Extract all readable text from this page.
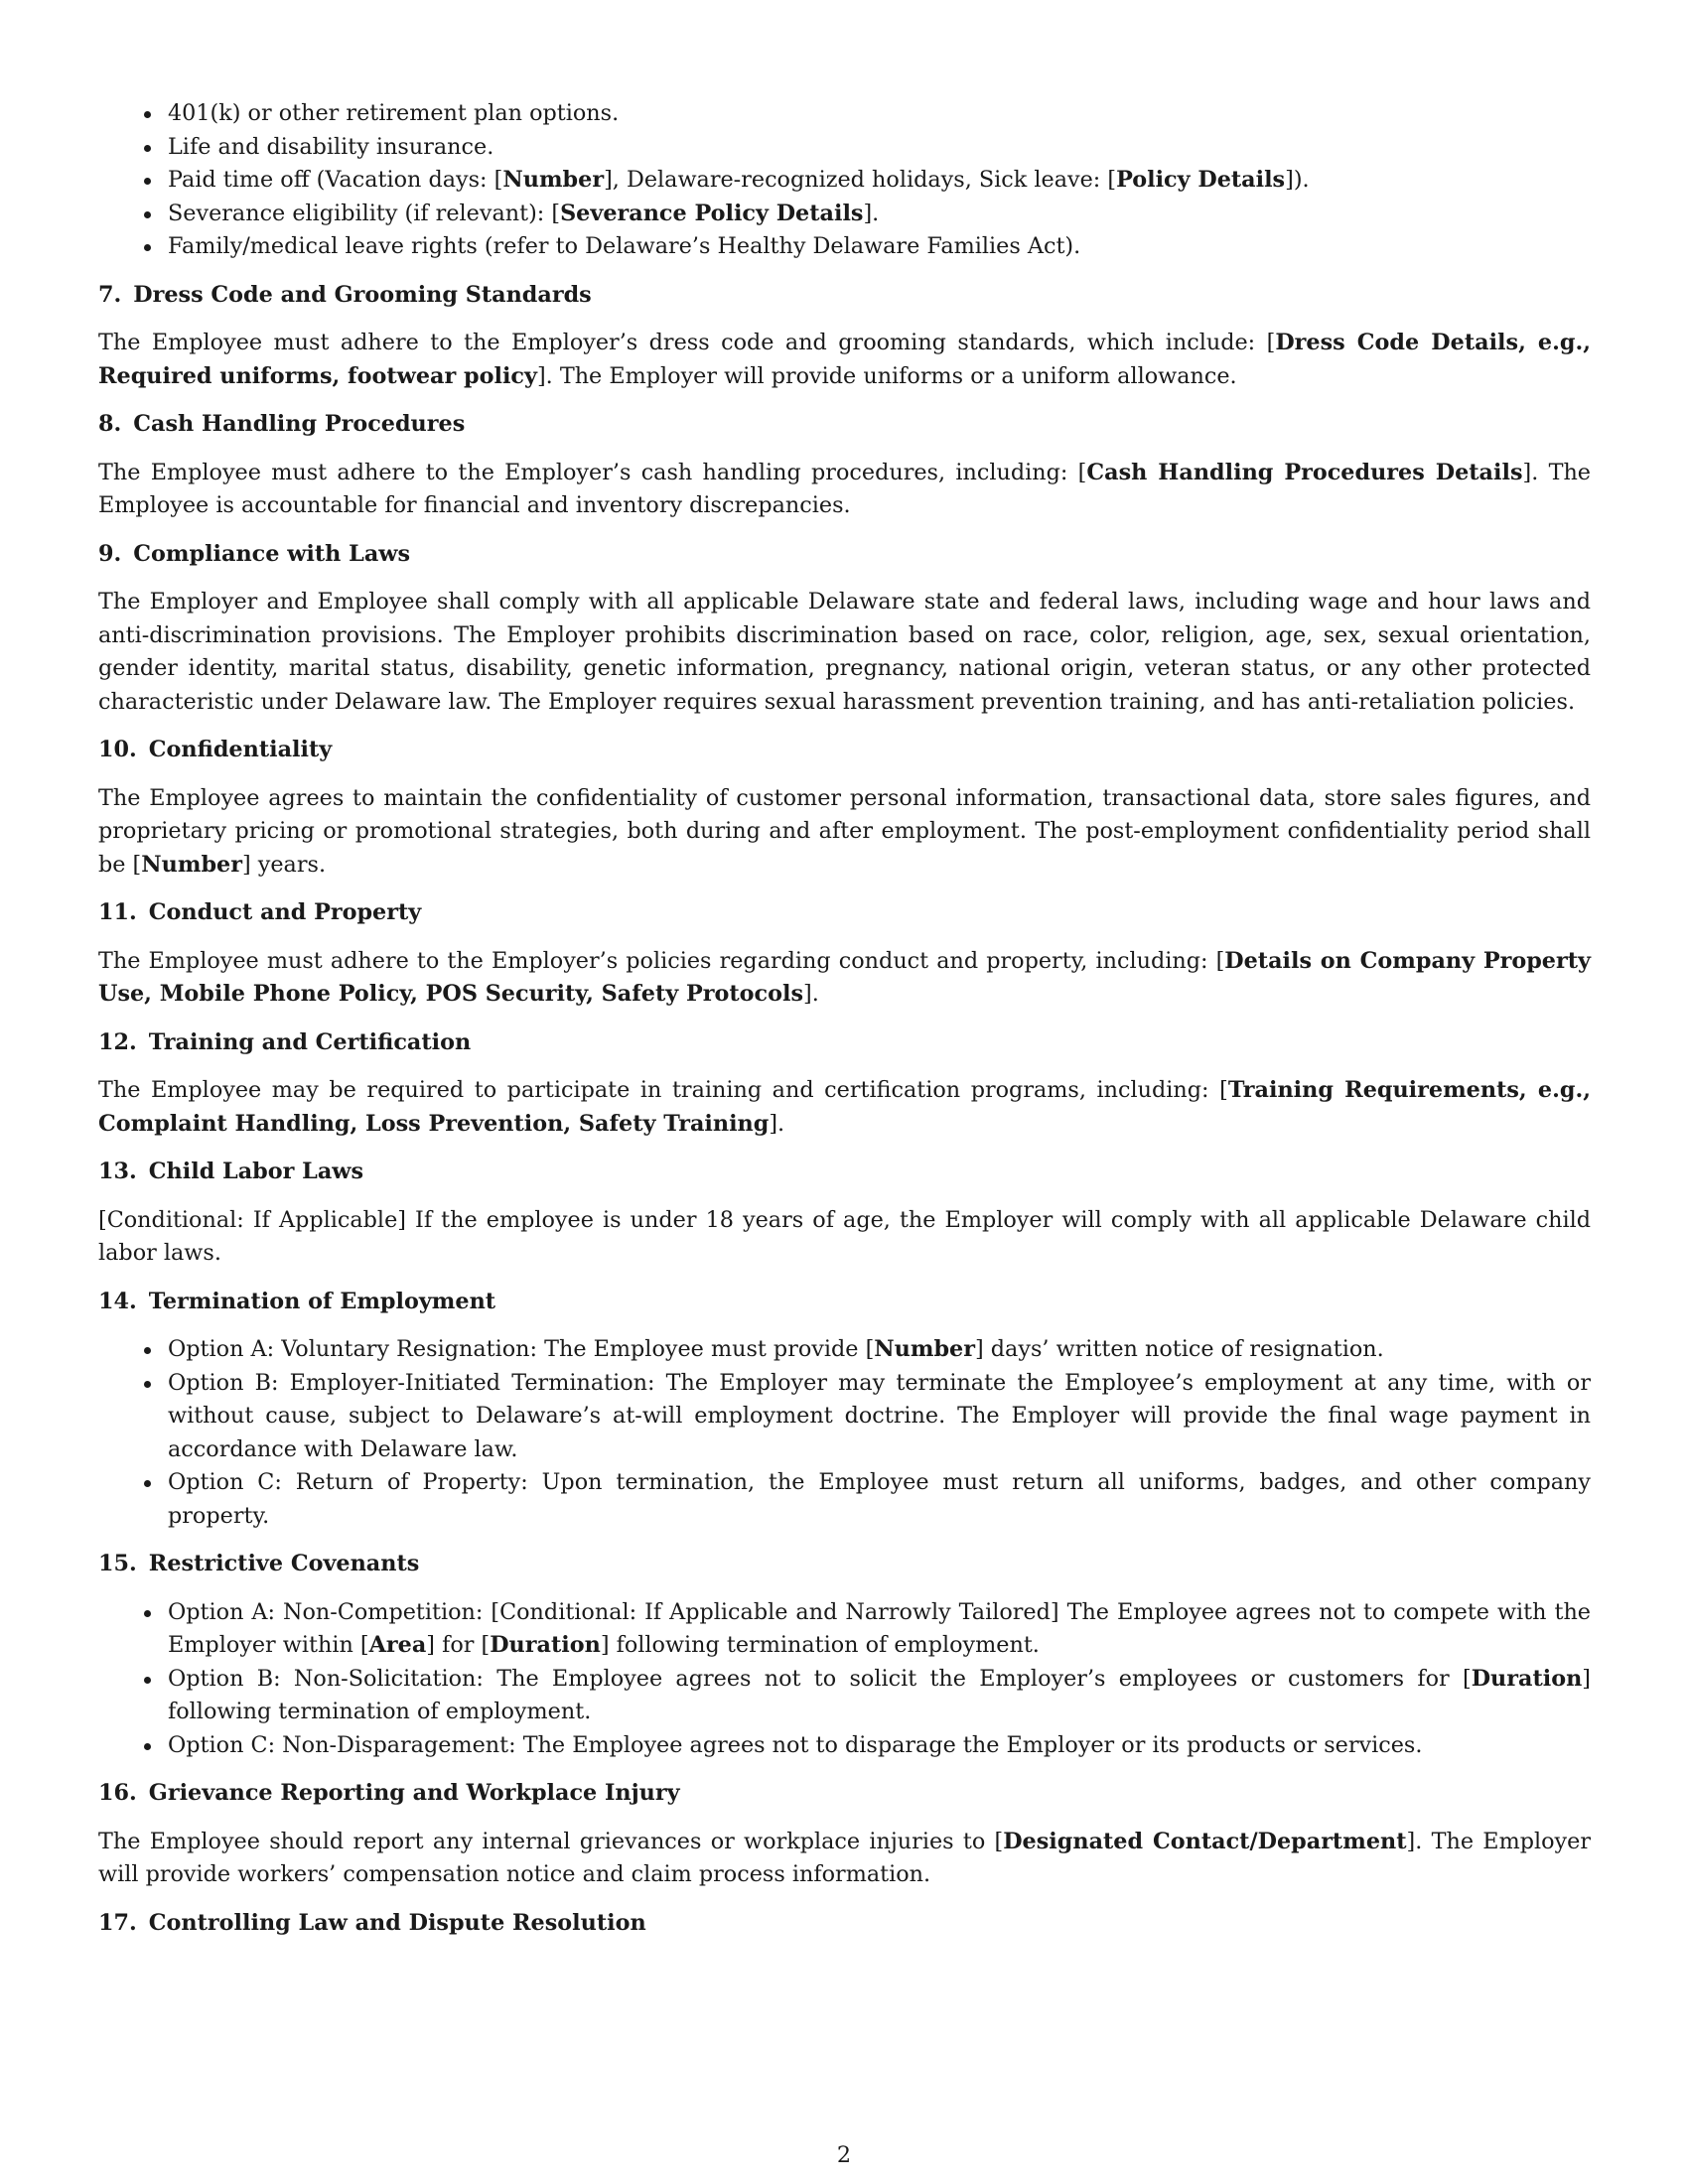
401(k) or other retirement plan options.
Life and disability insurance.
Paid time off (Vacation days: [Number], Delaware-recognized holidays, Sick leave: [Policy Details]).
Severance eligibility (if relevant): [Severance Policy Details].
Family/medical leave rights (refer to Delaware’s Healthy Delaware Families Act).
7. Dress Code and Grooming Standards

The Employee must adhere to the Employer’s dress code and grooming standards, which include: [Dress Code Details, e.g., Required uniforms, footwear policy]. The Employer will provide uniforms or a uniform allowance.

8. Cash Handling Procedures

The Employee must adhere to the Employer’s cash handling procedures, including: [Cash Handling Procedures Details]. The Employee is accountable for financial and inventory discrepancies.

9. Compliance with Laws

The Employer and Employee shall comply with all applicable Delaware state and federal laws, including wage and hour laws and anti-discrimination provisions. The Employer prohibits discrimination based on race, color, religion, age, sex, sexual orientation, gender identity, marital status, disability, genetic information, pregnancy, national origin, veteran status, or any other protected characteristic under Delaware law. The Employer requires sexual harassment prevention training, and has anti-retaliation policies.

10. Confidentiality

The Employee agrees to maintain the confidentiality of customer personal information, transactional data, store sales figures, and proprietary pricing or promotional strategies, both during and after employment. The post-employment confidentiality period shall be [Number] years.

11. Conduct and Property

The Employee must adhere to the Employer’s policies regarding conduct and property, including: [Details on Company Property Use, Mobile Phone Policy, POS Security, Safety Protocols].

12. Training and Certification

The Employee may be required to participate in training and certification programs, including: [Training Requirements, e.g., Complaint Handling, Loss Prevention, Safety Training].

13. Child Labor Laws

[Conditional: If Applicable] If the employee is under 18 years of age, the Employer will comply with all applicable Delaware child labor laws.

14. Termination of Employment
Option A: Voluntary Resignation: The Employee must provide [Number] days’ written notice of resignation.
Option B: Employer-Initiated Termination: The Employer may terminate the Employee’s employment at any time, with or without cause, subject to Delaware’s at-will employment doctrine. The Employer will provide the final wage payment in accordance with Delaware law.
Option C: Return of Property: Upon termination, the Employee must return all uniforms, badges, and other company property.
15. Restrictive Covenants
Option A: Non-Competition: [Conditional: If Applicable and Narrowly Tailored] The Employee agrees not to compete with the Employer within [Area] for [Duration] following termination of employment.
Option B: Non-Solicitation: The Employee agrees not to solicit the Employer’s employees or customers for [Duration] following termination of employment.
Option C: Non-Disparagement: The Employee agrees not to disparage the Employer or its products or services.
16. Grievance Reporting and Workplace Injury

The Employee should report any internal grievances or workplace injuries to [Designated Contact/Department]. The Employer will provide workers’ compensation notice and claim process information.

17. Controlling Law and Dispute Resolution
2
